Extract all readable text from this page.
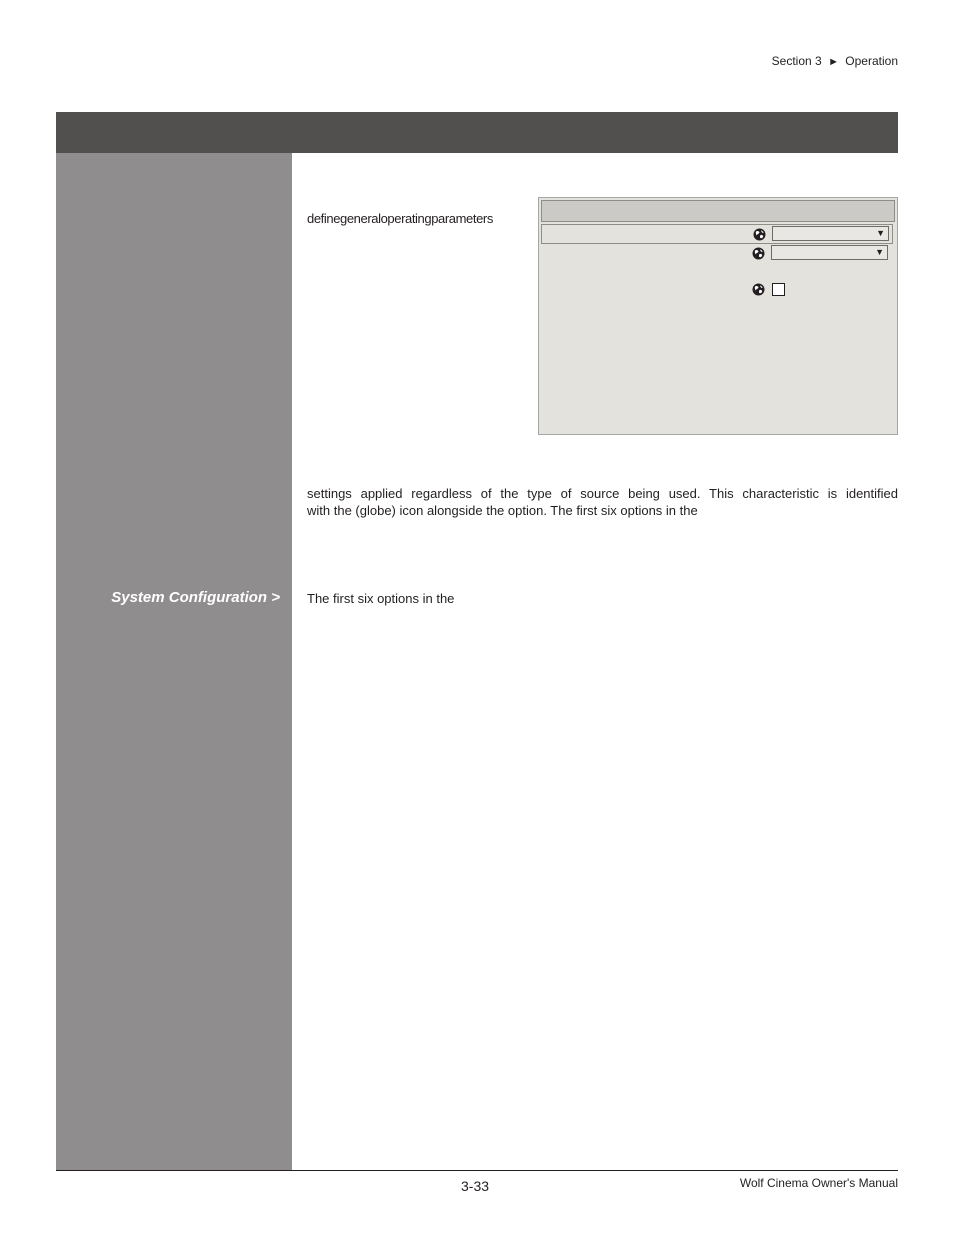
Section 3 ► Operation
System Configuration >
definegeneraloperatingparameters
▼
▼
settings applied regardless of the type of source being used. This characteristic is identified
with the (globe) icon alongside the option. The first six options in the
The first six options in the
3-33	Wolf Cinema Owner's Manual
